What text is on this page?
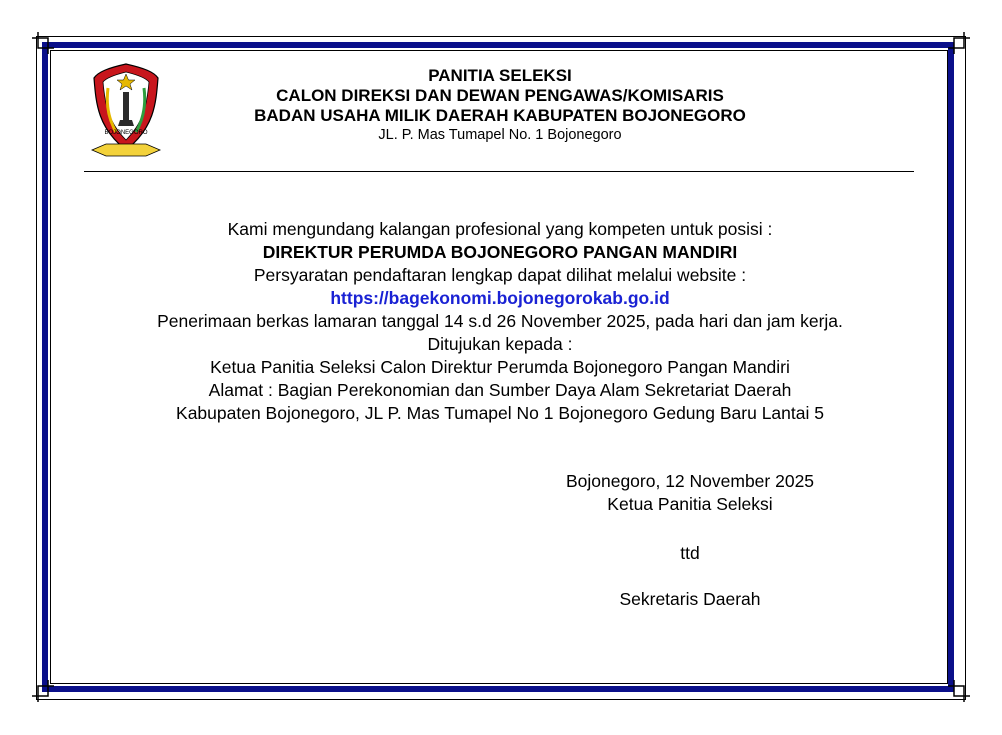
BOJONEGORO
PANITIA SELEKSI
CALON DIREKSI DAN DEWAN PENGAWAS/KOMISARIS
BADAN USAHA MILIK DAERAH KABUPATEN BOJONEGORO
JL. P. Mas Tumapel No. 1 Bojonegoro
Kami mengundang kalangan profesional yang kompeten untuk posisi :
DIREKTUR PERUMDA BOJONEGORO PANGAN MANDIRI
Persyaratan pendaftaran lengkap dapat dilihat melalui website :
https://bagekonomi.bojonegorokab.go.id
Penerimaan berkas lamaran tanggal 14 s.d 26 November 2025, pada hari dan jam kerja.
Ditujukan kepada :
Ketua Panitia Seleksi Calon Direktur Perumda Bojonegoro Pangan Mandiri
Alamat : Bagian Perekonomian dan Sumber Daya Alam Sekretariat Daerah
Kabupaten Bojonegoro, JL P. Mas Tumapel No 1 Bojonegoro Gedung Baru Lantai 5
Bojonegoro, 12 November 2025
Ketua Panitia Seleksi
ttd
Sekretaris Daerah
